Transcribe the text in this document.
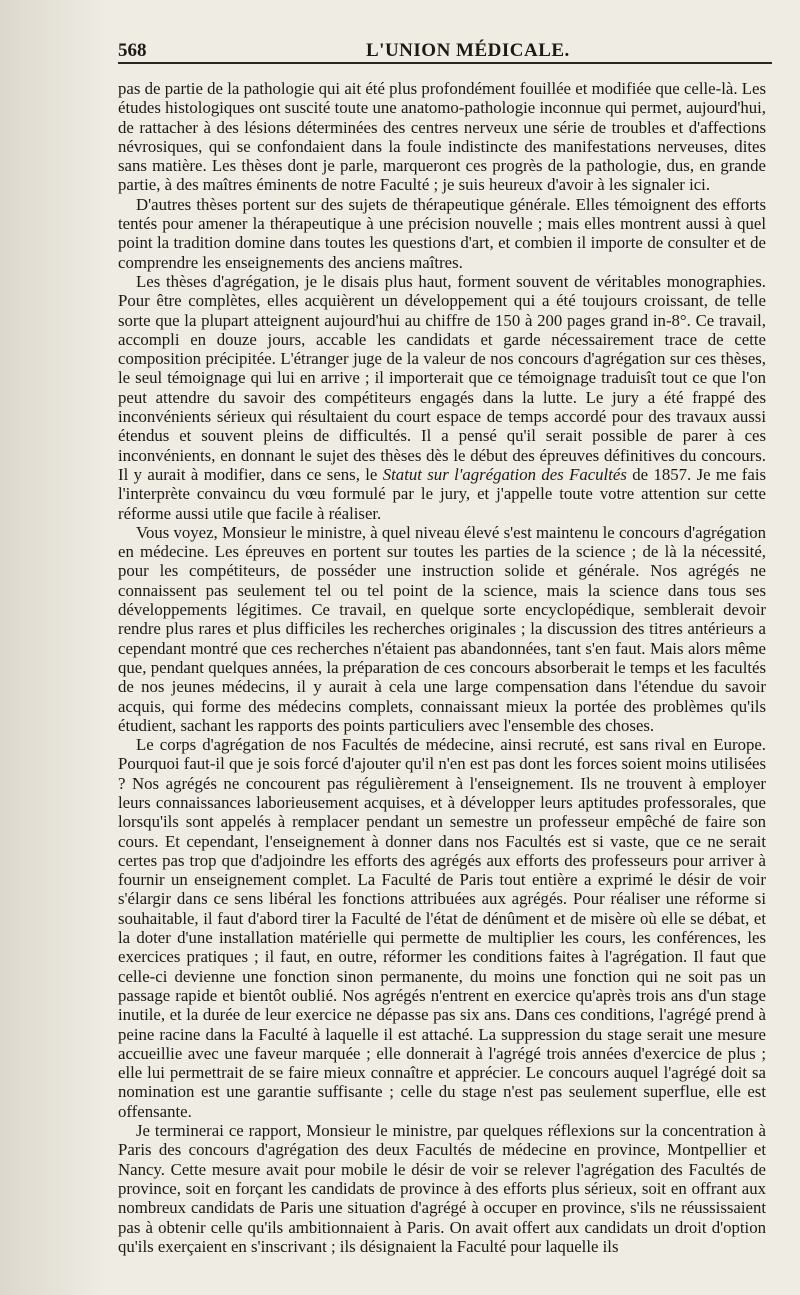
568	L'UNION MÉDICALE.

pas de partie de la pathologie qui ait été plus profondément fouillée et modifiée que celle-là. Les études histologiques ont suscité toute une anatomo-pathologie inconnue qui permet, aujourd'hui, de rattacher à des lésions déterminées des centres nerveux une série de troubles et d'affections névrosiques, qui se confondaient dans la foule indistincte des manifestations nerveuses, dites sans matière. Les thèses dont je parle, marqueront ces progrès de la pathologie, dus, en grande partie, à des maîtres éminents de notre Faculté ; je suis heureux d'avoir à les signaler ici.

D'autres thèses portent sur des sujets de thérapeutique générale. Elles témoignent des efforts tentés pour amener la thérapeutique à une précision nouvelle ; mais elles montrent aussi à quel point la tradition domine dans toutes les questions d'art, et combien il importe de consulter et de comprendre les enseignements des anciens maîtres.

Les thèses d'agrégation, je le disais plus haut, forment souvent de véritables monographies. Pour être complètes, elles acquièrent un développement qui a été toujours croissant, de telle sorte que la plupart atteignent aujourd'hui au chiffre de 150 à 200 pages grand in-8°. Ce travail, accompli en douze jours, accable les candidats et garde nécessairement trace de cette composition précipitée. L'étranger juge de la valeur de nos concours d'agrégation sur ces thèses, le seul témoignage qui lui en arrive ; il importerait que ce témoignage traduisît tout ce que l'on peut attendre du savoir des compétiteurs engagés dans la lutte. Le jury a été frappé des inconvénients sérieux qui résultaient du court espace de temps accordé pour des travaux aussi étendus et souvent pleins de difficultés. Il a pensé qu'il serait possible de parer à ces inconvénients, en donnant le sujet des thèses dès le début des épreuves définitives du concours. Il y aurait à modifier, dans ce sens, le Statut sur l'agrégation des Facultés de 1857. Je me fais l'interprète convaincu du vœu formulé par le jury, et j'appelle toute votre attention sur cette réforme aussi utile que facile à réaliser.

Vous voyez, Monsieur le ministre, à quel niveau élevé s'est maintenu le concours d'agrégation en médecine. Les épreuves en portent sur toutes les parties de la science ; de là la nécessité, pour les compétiteurs, de posséder une instruction solide et générale. Nos agrégés ne connaissent pas seulement tel ou tel point de la science, mais la science dans tous ses développements légitimes. Ce travail, en quelque sorte encyclopédique, semblerait devoir rendre plus rares et plus difficiles les recherches originales ; la discussion des titres antérieurs a cependant montré que ces recherches n'étaient pas abandonnées, tant s'en faut. Mais alors même que, pendant quelques années, la préparation de ces concours absorberait le temps et les facultés de nos jeunes médecins, il y aurait à cela une large compensation dans l'étendue du savoir acquis, qui forme des médecins complets, connaissant mieux la portée des problèmes qu'ils étudient, sachant les rapports des points particuliers avec l'ensemble des choses.

Le corps d'agrégation de nos Facultés de médecine, ainsi recruté, est sans rival en Europe. Pourquoi faut-il que je sois forcé d'ajouter qu'il n'en est pas dont les forces soient moins utilisées ? Nos agrégés ne concourent pas régulièrement à l'enseignement. Ils ne trouvent à employer leurs connaissances laborieusement acquises, et à développer leurs aptitudes professorales, que lorsqu'ils sont appelés à remplacer pendant un semestre un professeur empêché de faire son cours. Et cependant, l'enseignement à donner dans nos Facultés est si vaste, que ce ne serait certes pas trop que d'adjoindre les efforts des agrégés aux efforts des professeurs pour arriver à fournir un enseignement complet. La Faculté de Paris tout entière a exprimé le désir de voir s'élargir dans ce sens libéral les fonctions attribuées aux agrégés. Pour réaliser une réforme si souhaitable, il faut d'abord tirer la Faculté de l'état de dénûment et de misère où elle se débat, et la doter d'une installation matérielle qui permette de multiplier les cours, les conférences, les exercices pratiques ; il faut, en outre, réformer les conditions faites à l'agrégation. Il faut que celle-ci devienne une fonction sinon permanente, du moins une fonction qui ne soit pas un passage rapide et bientôt oublié. Nos agrégés n'entrent en exercice qu'après trois ans d'un stage inutile, et la durée de leur exercice ne dépasse pas six ans. Dans ces conditions, l'agrégé prend à peine racine dans la Faculté à laquelle il est attaché. La suppression du stage serait une mesure accueillie avec une faveur marquée ; elle donnerait à l'agrégé trois années d'exercice de plus ; elle lui permettrait de se faire mieux connaître et apprécier. Le concours auquel l'agrégé doit sa nomination est une garantie suffisante ; celle du stage n'est pas seulement superflue, elle est offensante.

Je terminerai ce rapport, Monsieur le ministre, par quelques réflexions sur la concentration à Paris des concours d'agrégation des deux Facultés de médecine en province, Montpellier et Nancy. Cette mesure avait pour mobile le désir de voir se relever l'agrégation des Facultés de province, soit en forçant les candidats de province à des efforts plus sérieux, soit en offrant aux nombreux candidats de Paris une situation d'agrégé à occuper en province, s'ils ne réussissaient pas à obtenir celle qu'ils ambitionnaient à Paris. On avait offert aux candidats un droit d'option qu'ils exerçaient en s'inscrivant ; ils désignaient la Faculté pour laquelle ils
